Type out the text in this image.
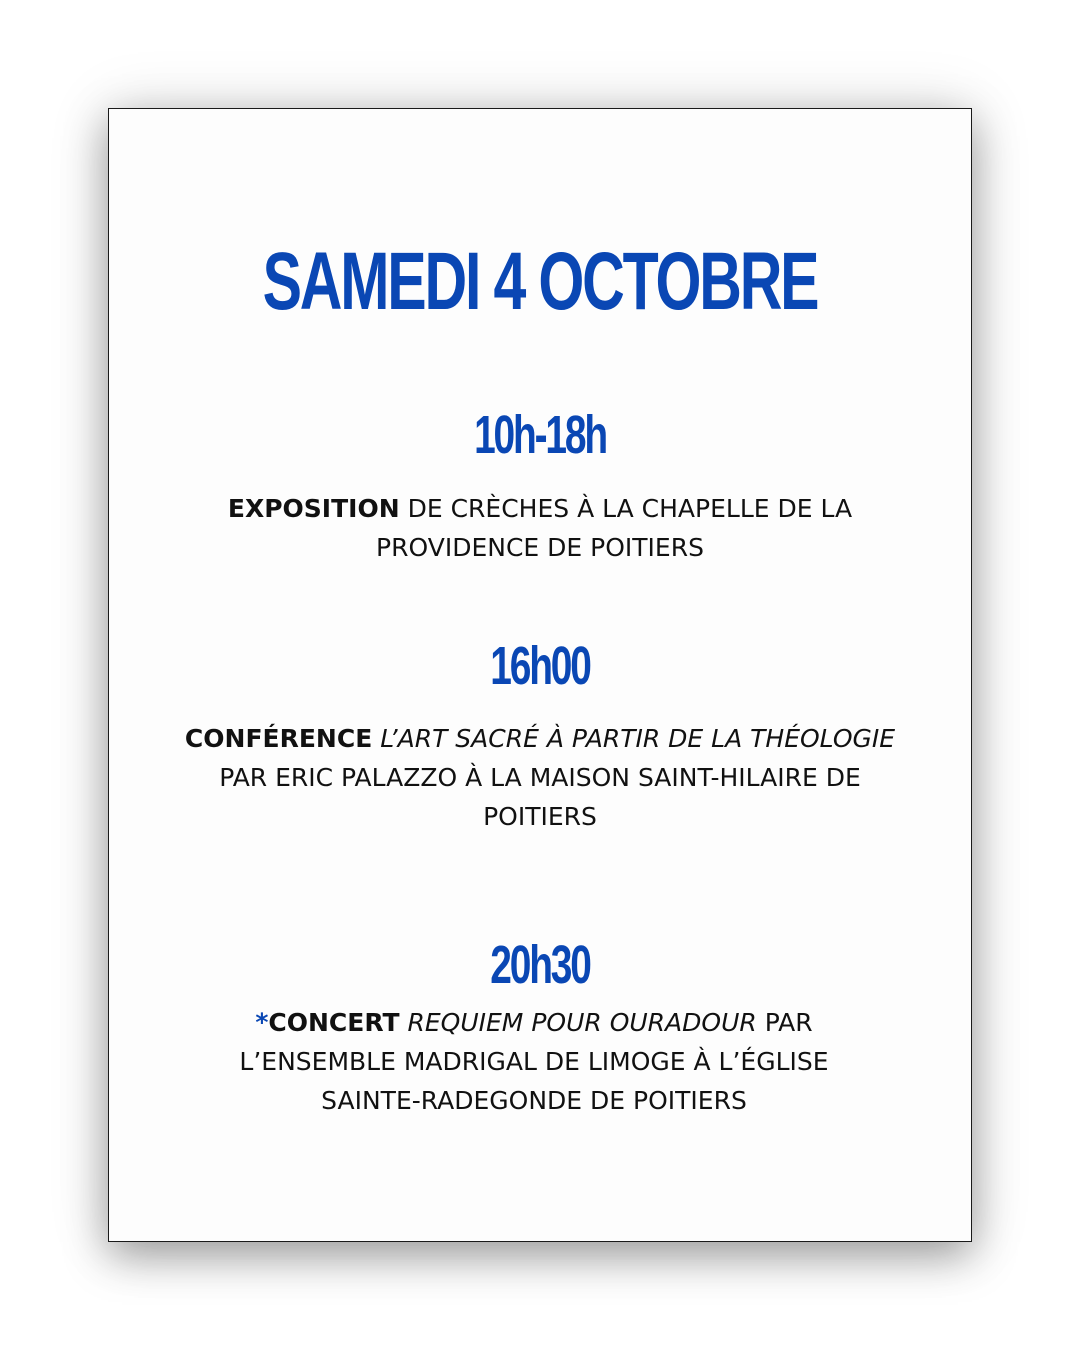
SAMEDI 4 OCTOBRE
10h-18h
EXPOSITION DE CRÈCHES À LA CHAPELLE DE LA
PROVIDENCE DE POITIERS
16h00
CONFÉRENCE L’ART SACRÉ À PARTIR DE LA THÉOLOGIE
PAR ERIC PALAZZO À LA MAISON SAINT-HILAIRE DE
POITIERS
20h30
*CONCERT REQUIEM POUR OURADOUR PAR
L’ENSEMBLE MADRIGAL DE LIMOGE À L’ÉGLISE
SAINTE-RADEGONDE DE POITIERS
